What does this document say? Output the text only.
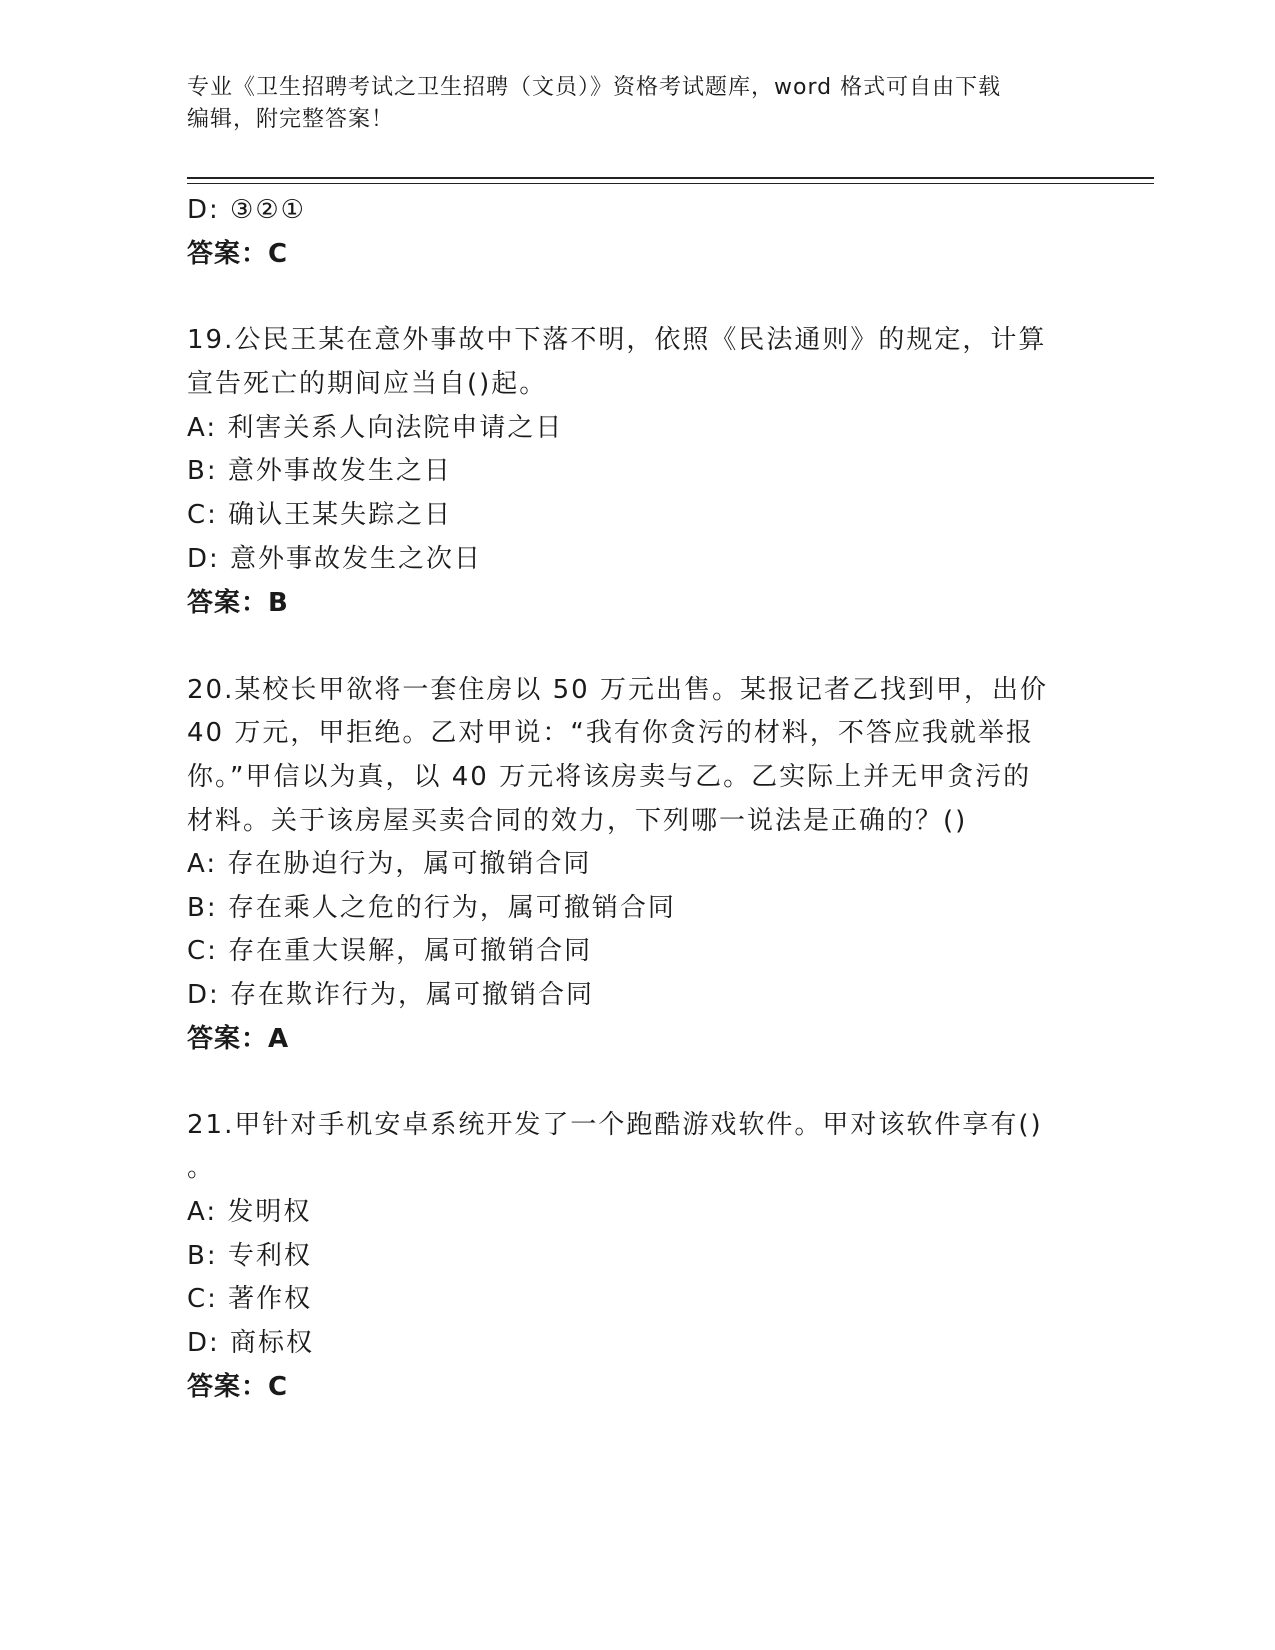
专业《卫生招聘考试之卫生招聘（文员）》资格考试题库，word 格式可自由下载
编辑，附完整答案！
D: ③②①
答案：C
19.公民王某在意外事故中下落不明，依照《民法通则》的规定，计算
宣告死亡的期间应当自()起。
A: 利害关系人向法院申请之日
B: 意外事故发生之日
C: 确认王某失踪之日
D: 意外事故发生之次日
答案：B
20.某校长甲欲将一套住房以 50 万元出售。某报记者乙找到甲，出价
40 万元，甲拒绝。乙对甲说：“我有你贪污的材料，不答应我就举报
你。”甲信以为真，以 40 万元将该房卖与乙。乙实际上并无甲贪污的
材料。关于该房屋买卖合同的效力，下列哪一说法是正确的？()
A: 存在胁迫行为，属可撤销合同
B: 存在乘人之危的行为，属可撤销合同
C: 存在重大误解，属可撤销合同
D: 存在欺诈行为，属可撤销合同
答案：A
21.甲针对手机安卓系统开发了一个跑酷游戏软件。甲对该软件享有()
。
A: 发明权
B: 专利权
C: 著作权
D: 商标权
答案：C
